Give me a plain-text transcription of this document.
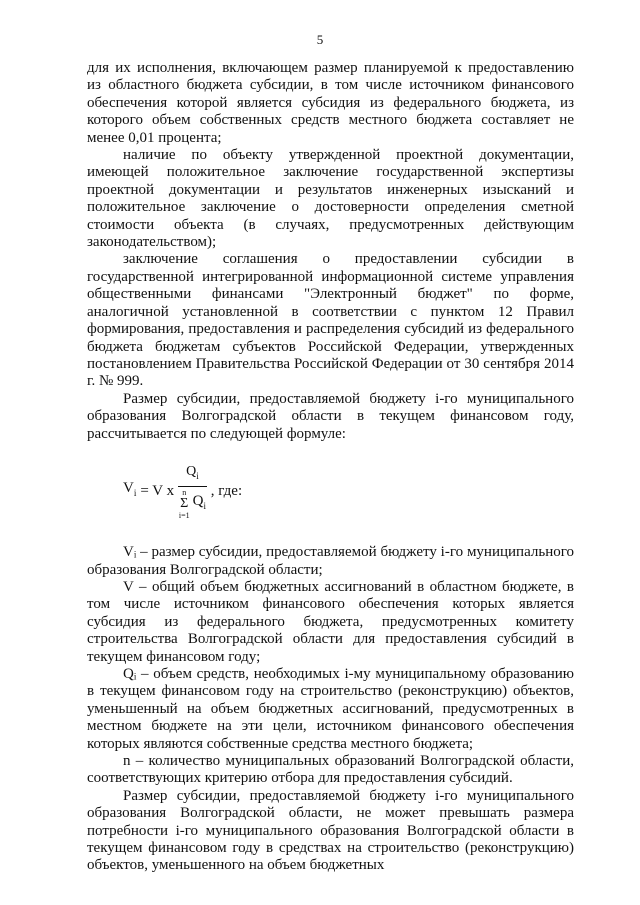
5

для их исполнения, включающем размер планируемой к предоставлению из областного бюджета субсидии, в том числе источником финансового обеспечения которой является субсидия из федерального бюджета, из которого объем собственных средств местного бюджета составляет не менее 0,01 процента;

наличие по объекту утвержденной проектной документации, имеющей положительное заключение государственной экспертизы проектной документации и результатов инженерных изысканий и положительное заключение о достоверности определения сметной стоимости объекта (в случаях, предусмотренных действующим законодательством);

заключение соглашения о предоставлении субсидии в государственной интегрированной информационной системе управления общественными финансами "Электронный бюджет" по форме, аналогичной установленной в соответствии с пунктом 12 Правил формирования, предоставления и распределения субсидий из федерального бюджета бюджетам субъектов Российской Федерации, утвержденных постановлением Правительства Российской Федерации от 30 сентября 2014 г. № 999.

Размер субсидии, предоставляемой бюджету i-го муниципального образования Волгоградской области в текущем финансовом году, рассчитывается по следующей формуле:

$V_i = V$ x $Q_i$
n
Σ
i=1
$Q_i$ , где:

Vᵢ – размер субсидии, предоставляемой бюджету i-го муниципального образования Волгоградской области;

V – общий объем бюджетных ассигнований в областном бюджете, в том числе источником финансового обеспечения которых является субсидия из федерального бюджета, предусмотренных комитету строительства Волгоградской области для предоставления субсидий в текущем финансовом году;

Qᵢ – объем средств, необходимых i-му муниципальному образованию в текущем финансовом году на строительство (реконструкцию) объектов, уменьшенный на объем бюджетных ассигнований, предусмотренных в местном бюджете на эти цели, источником финансового обеспечения которых являются собственные средства местного бюджета;

n – количество муниципальных образований Волгоградской области, соответствующих критерию отбора для предоставления субсидий.

Размер субсидии, предоставляемой бюджету i-го муниципального образования Волгоградской области, не может превышать размера потребности i-го муниципального образования Волгоградской области в текущем финансовом году в средствах на строительство (реконструкцию) объектов, уменьшенного на объем бюджетных
